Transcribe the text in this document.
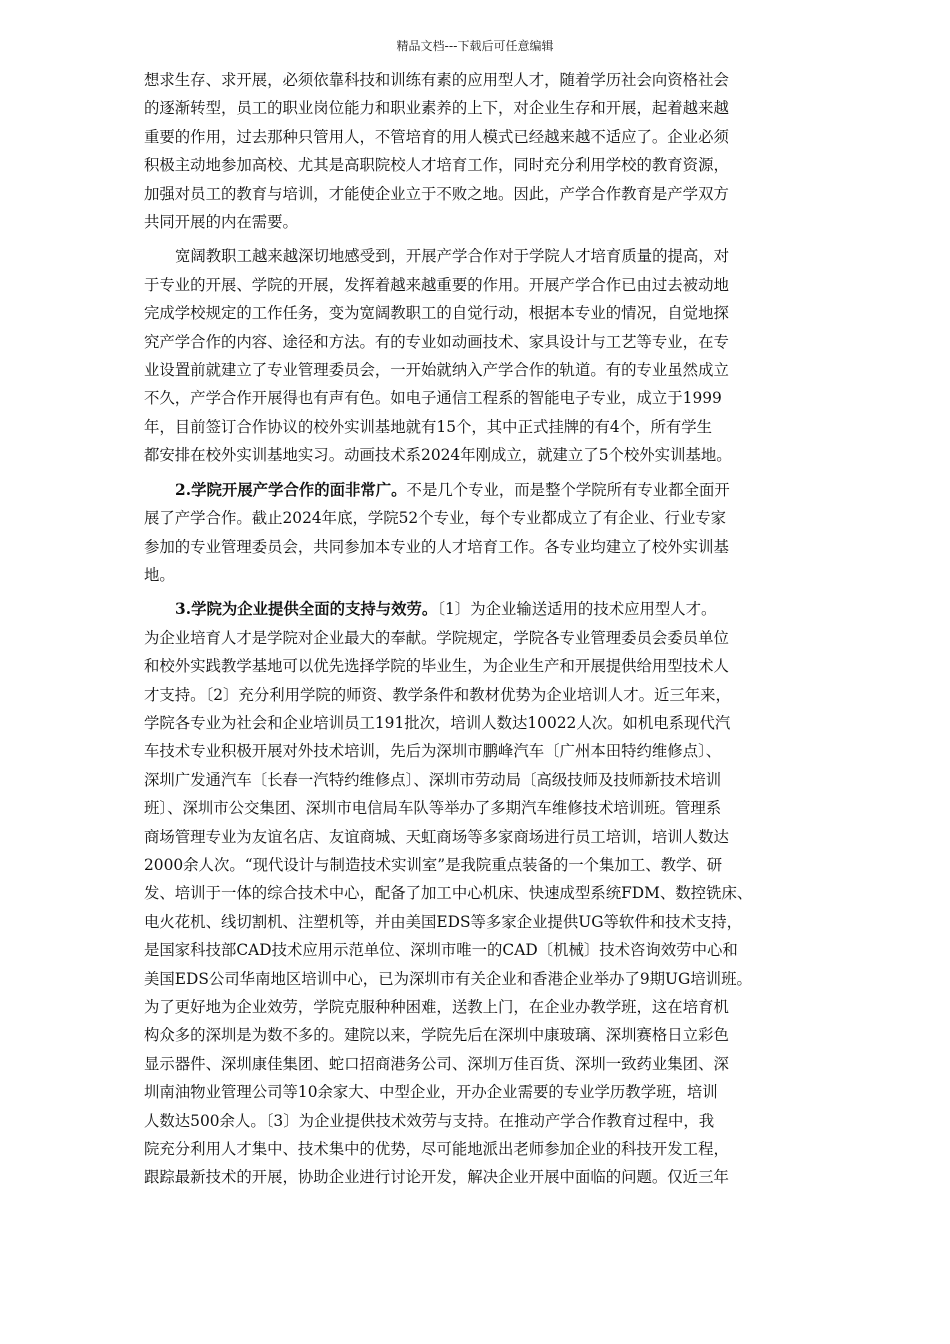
精品文档---下载后可任意编辑
想求生存、求开展，必须依靠科技和训练有素的应用型人才，随着学历社会向资格社会
的逐渐转型，员工的职业岗位能力和职业素养的上下，对企业生存和开展，起着越来越
重要的作用，过去那种只管用人，不管培育的用人模式已经越来越不适应了。企业必须
积极主动地参加高校、尤其是高职院校人才培育工作，同时充分利用学校的教育资源，
加强对员工的教育与培训，才能使企业立于不败之地。因此，产学合作教育是产学双方
共同开展的内在需要。
宽阔教职工越来越深切地感受到，开展产学合作对于学院人才培育质量的提高，对
于专业的开展、学院的开展，发挥着越来越重要的作用。开展产学合作已由过去被动地
完成学校规定的工作任务，变为宽阔教职工的自觉行动，根据本专业的情况，自觉地探
究产学合作的内容、途径和方法。有的专业如动画技术、家具设计与工艺等专业，在专
业设置前就建立了专业管理委员会，一开始就纳入产学合作的轨道。有的专业虽然成立
不久，产学合作开展得也有声有色。如电子通信工程系的智能电子专业，成立于1999
年，目前签订合作协议的校外实训基地就有15个，其中正式挂牌的有4个，所有学生
都安排在校外实训基地实习。动画技术系2024年刚成立，就建立了5个校外实训基地。
2.学院开展产学合作的面非常广。不是几个专业，而是整个学院所有专业都全面开
展了产学合作。截止2024年底，学院52个专业，每个专业都成立了有企业、行业专家
参加的专业管理委员会，共同参加本专业的人才培育工作。各专业均建立了校外实训基
地。
3.学院为企业提供全面的支持与效劳。〔1〕为企业输送适用的技术应用型人才。
为企业培育人才是学院对企业最大的奉献。学院规定，学院各专业管理委员会委员单位
和校外实践教学基地可以优先选择学院的毕业生，为企业生产和开展提供给用型技术人
才支持。〔2〕充分利用学院的师资、教学条件和教材优势为企业培训人才。近三年来，
学院各专业为社会和企业培训员工191批次，培训人数达10022人次。如机电系现代汽
车技术专业积极开展对外技术培训，先后为深圳市鹏峰汽车〔广州本田特约维修点〕、
深圳广发通汽车〔长春一汽特约维修点〕、深圳市劳动局〔高级技师及技师新技术培训
班〕、深圳市公交集团、深圳市电信局车队等举办了多期汽车维修技术培训班。管理系
商场管理专业为友谊名店、友谊商城、天虹商场等多家商场进行员工培训，培训人数达
2000余人次。“现代设计与制造技术实训室”是我院重点装备的一个集加工、教学、研
发、培训于一体的综合技术中心，配备了加工中心机床、快速成型系统FDM、数控铣床、
电火花机、线切割机、注塑机等，并由美国EDS等多家企业提供UG等软件和技术支持，
是国家科技部CAD技术应用示范单位、深圳市唯一的CAD〔机械〕技术咨询效劳中心和
美国EDS公司华南地区培训中心，已为深圳市有关企业和香港企业举办了9期UG培训班。
为了更好地为企业效劳，学院克服种种困难，送教上门，在企业办教学班，这在培育机
构众多的深圳是为数不多的。建院以来，学院先后在深圳中康玻璃、深圳赛格日立彩色
显示器件、深圳康佳集团、蛇口招商港务公司、深圳万佳百货、深圳一致药业集团、深
圳南油物业管理公司等10余家大、中型企业，开办企业需要的专业学历教学班，培训
人数达500余人。〔3〕为企业提供技术效劳与支持。在推动产学合作教育过程中，我
院充分利用人才集中、技术集中的优势，尽可能地派出老师参加企业的科技开发工程，
跟踪最新技术的开展，协助企业进行讨论开发，解决企业开展中面临的问题。仅近三年
